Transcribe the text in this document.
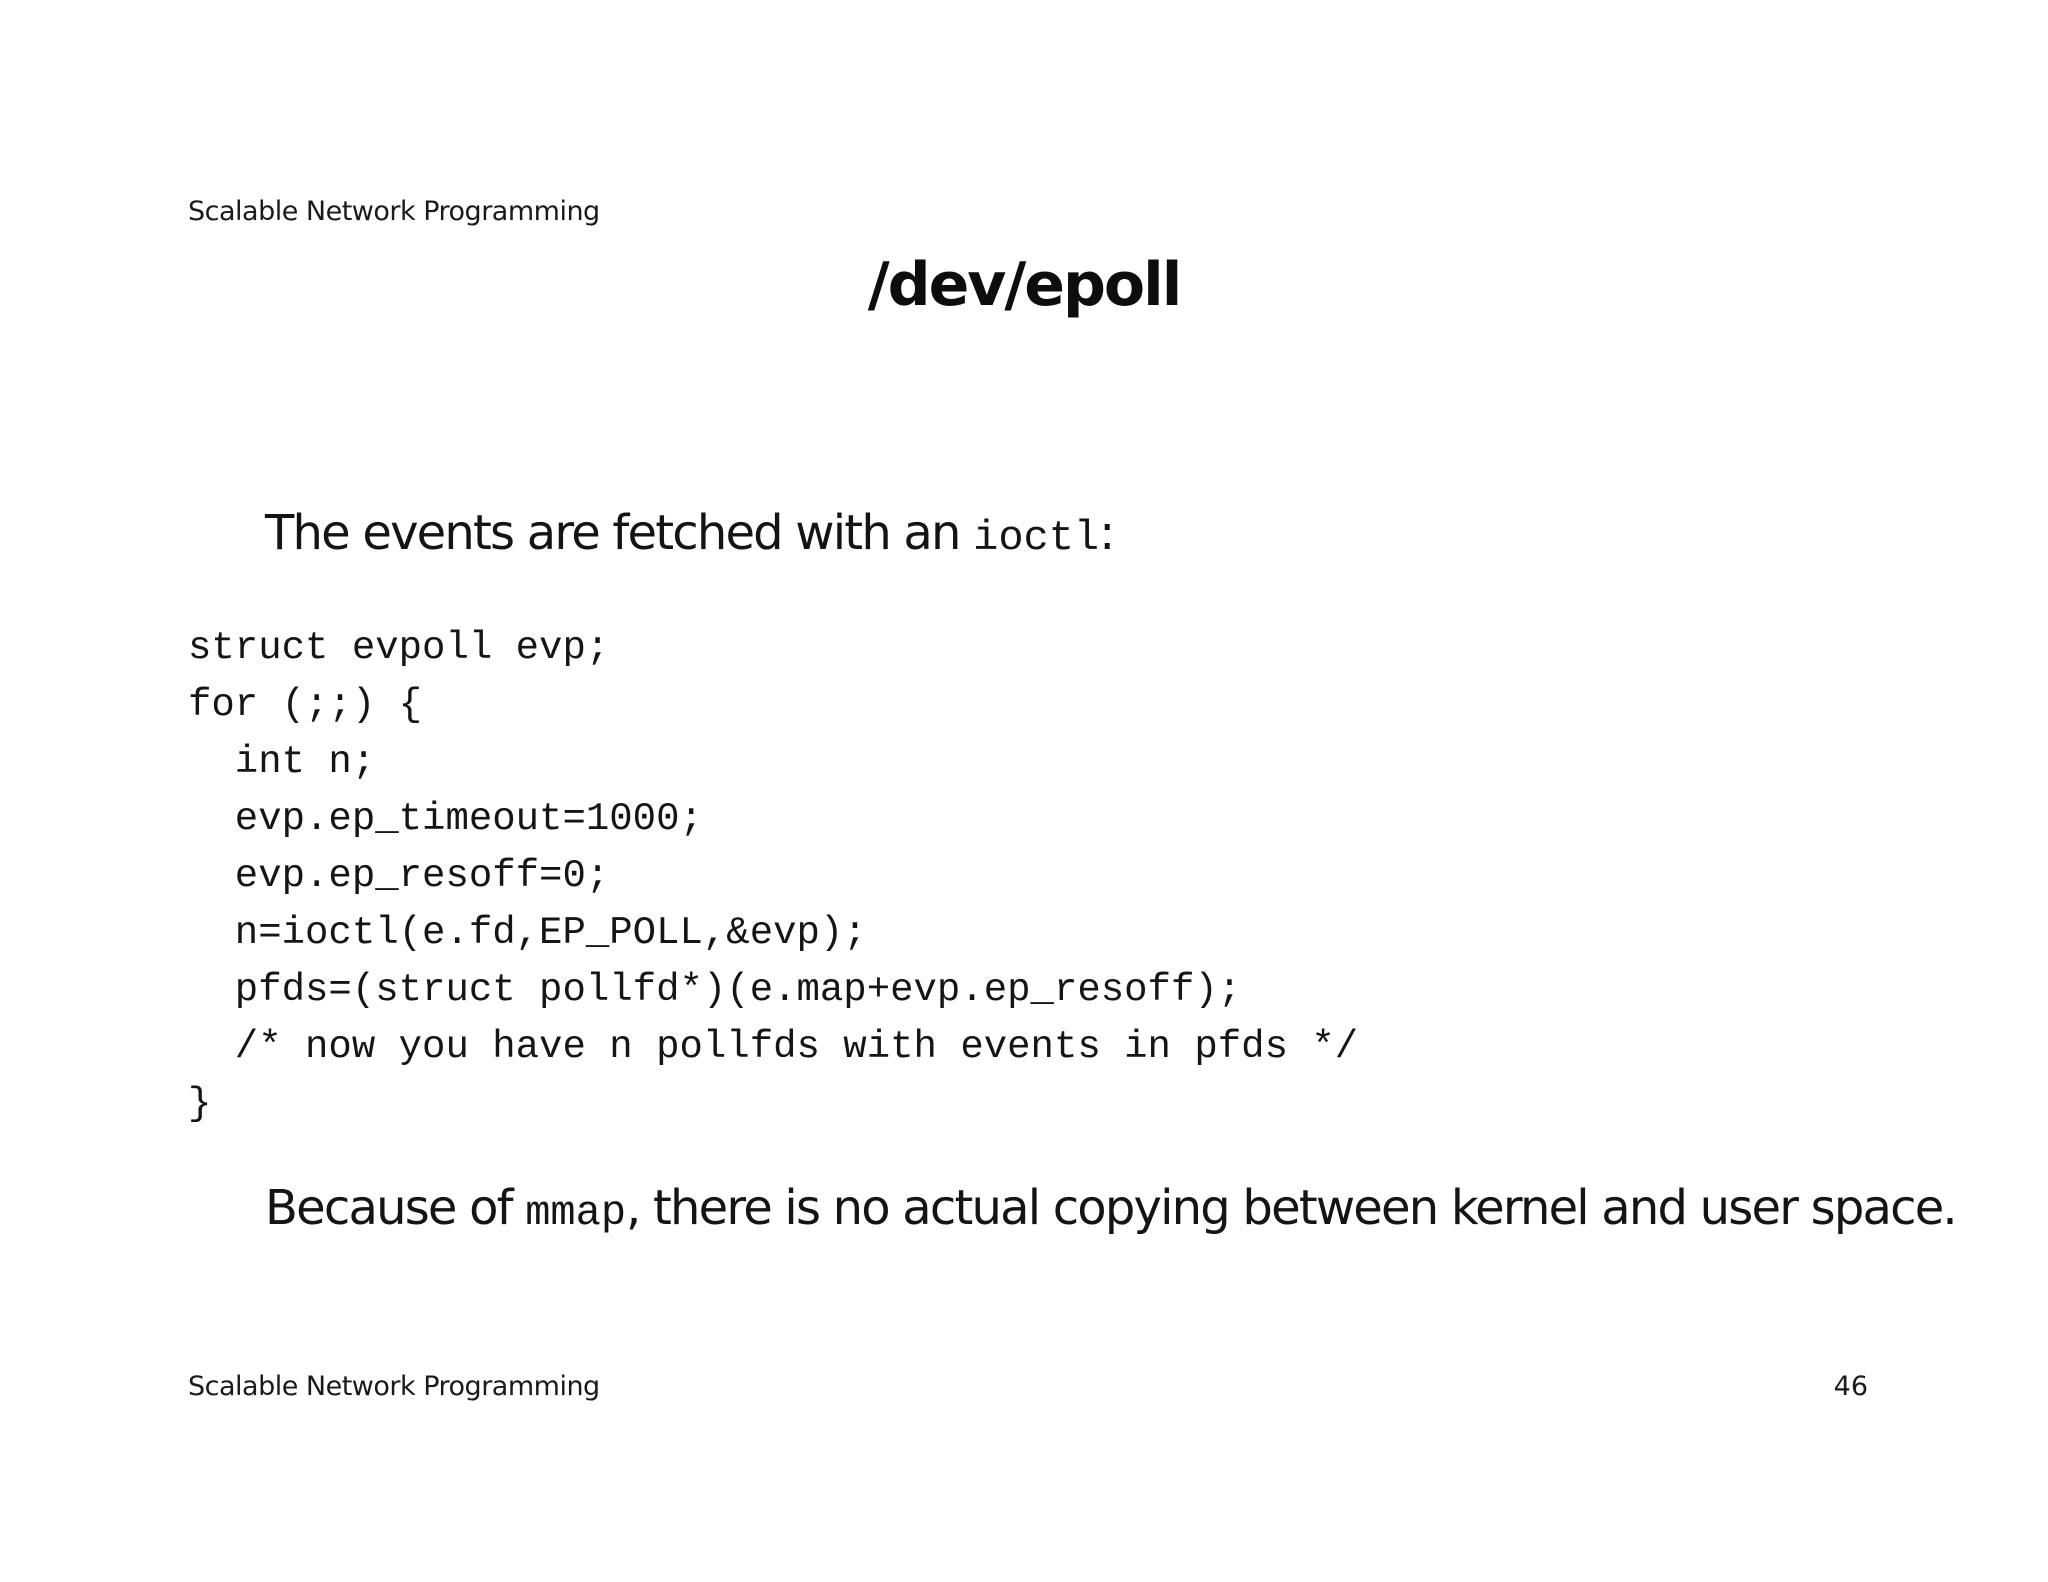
Scalable Network Programming
/dev/epoll
The events are fetched with an ioctl:
struct evpoll evp;
for (;;) {
int n;
evp.ep_timeout=1000;
evp.ep_resoff=0;
n=ioctl(e.fd,EP_POLL,&evp);
pfds=(struct pollfd*)(e.map+evp.ep_resoff);
/* now you have n pollfds with events in pfds */
}
Because of mmap, there is no actual copying between kernel and user space.
Scalable Network Programming	46
